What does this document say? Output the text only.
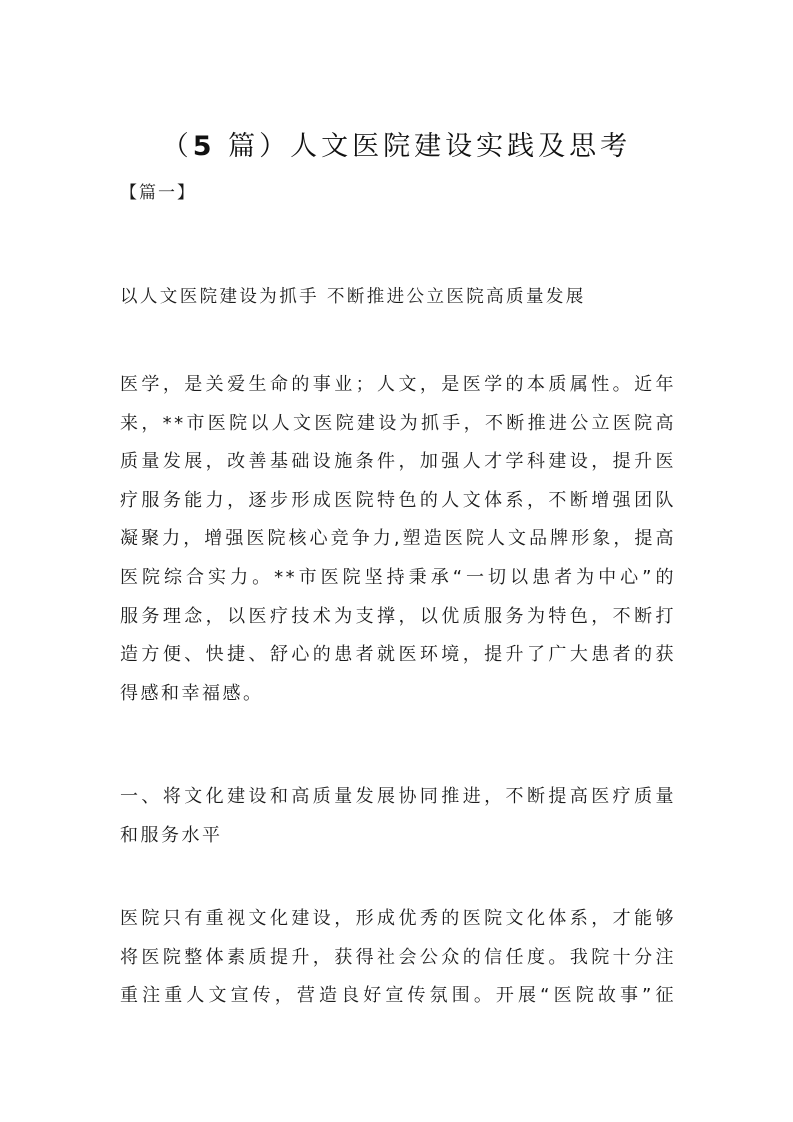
（5 篇）人文医院建设实践及思考
【篇一】
以人文医院建设为抓手 不断推进公立医院高质量发展
医学，是关爱生命的事业；人文，是医学的本质属性。近年
来，**市医院以人文医院建设为抓手，不断推进公立医院高
质量发展，改善基础设施条件，加强人才学科建设，提升医
疗服务能力，逐步形成医院特色的人文体系，不断增强团队
凝聚力，增强医院核心竞争力,塑造医院人文品牌形象，提高
医院综合实力。**市医院坚持秉承“一切以患者为中心”的
服务理念，以医疗技术为支撑，以优质服务为特色，不断打
造方便、快捷、舒心的患者就医环境，提升了广大患者的获
得感和幸福感。
一、将文化建设和高质量发展协同推进，不断提高医疗质量
和服务水平
医院只有重视文化建设，形成优秀的医院文化体系，才能够
将医院整体素质提升，获得社会公众的信任度。我院十分注
重注重人文宣传，营造良好宣传氛围。开展“医院故事”征
